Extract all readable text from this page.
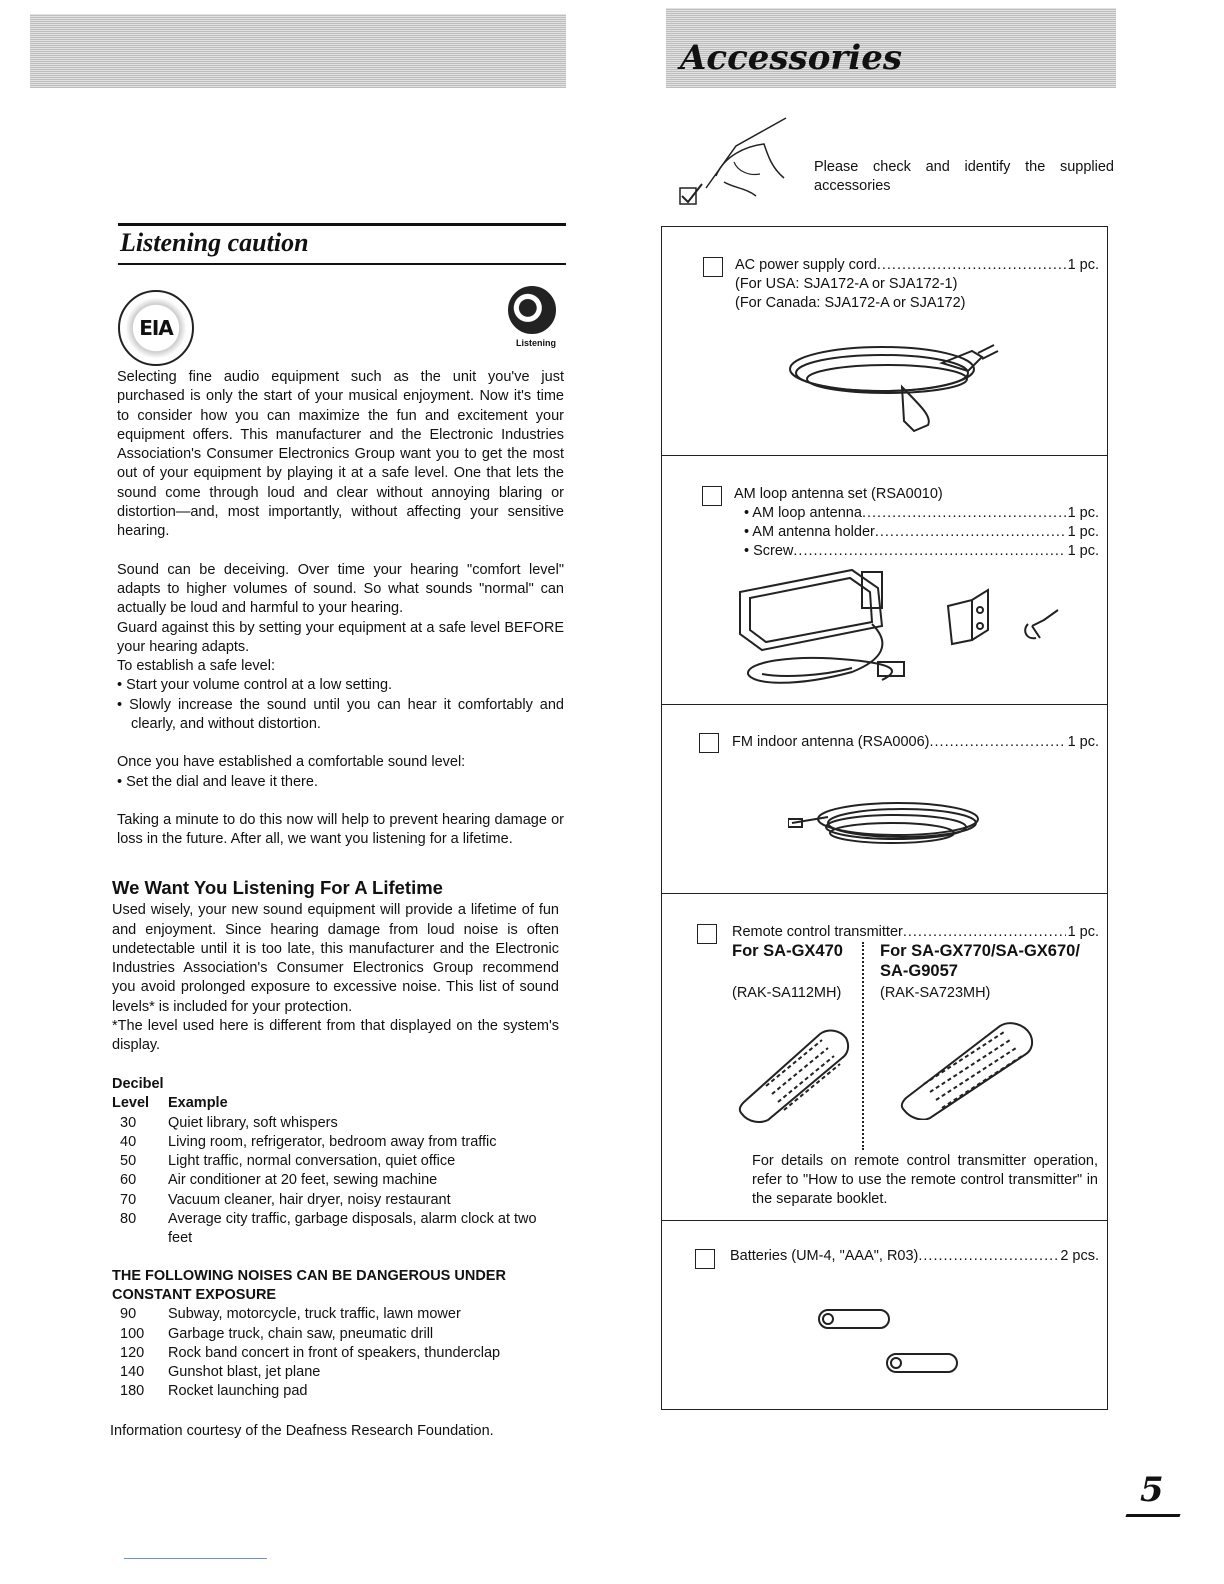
Accessories
Please check and identify the supplied accessories
Listening caution
EIA
Listening

Selecting fine audio equipment such as the unit you've just purchased is only the start of your musical enjoyment. Now it's time to consider how you can maximize the fun and excitement your equipment offers. This manufacturer and the Electronic Industries Association's Consumer Electronics Group want you to get the most out of your equipment by playing it at a safe level. One that lets the sound come through loud and clear without annoying blaring or distortion—and, most importantly, without affecting your sensitive hearing.

Sound can be deceiving. Over time your hearing "comfort level" adapts to higher volumes of sound. So what sounds "normal" can actually be loud and harmful to your hearing.
Guard against this by setting your equipment at a safe level BEFORE your hearing adapts.
To establish a safe level:
• Start your volume control at a low setting.
• Slowly increase the sound until you can hear it comfortably and clearly, and without distortion.
Once you have established a comfortable sound level:
• Set the dial and leave it there.

Taking a minute to do this now will help to prevent hearing damage or loss in the future. After all, we want you listening for a lifetime.

We Want You Listening For A Lifetime
Used wisely, your new sound equipment will provide a lifetime of fun and enjoyment. Since hearing damage from loud noise is often undetectable until it is too late, this manufacturer and the Electronic Industries Association's Consumer Electronics Group recommend you avoid prolonged exposure to excessive noise. This list of sound levels* is included for your protection.
*The level used here is different from that displayed on the system's display.
Decibel
Level	Example
30	Quiet library, soft whispers
40	Living room, refrigerator, bedroom away from traffic
50	Light traffic, normal conversation, quiet office
60	Air conditioner at 20 feet, sewing machine
70	Vacuum cleaner, hair dryer, noisy restaurant
80	Average city traffic, garbage disposals, alarm clock at two feet
THE FOLLOWING NOISES CAN BE DANGEROUS UNDER CONSTANT EXPOSURE
90	Subway, motorcycle, truck traffic, lawn mower
100	Garbage truck, chain saw, pneumatic drill
120	Rock band concert in front of speakers, thunderclap
140	Gunshot blast, jet plane
180	Rocket launching pad
Information courtesy of the Deafness Research Foundation.
AC power supply cord .....	1 pc.
(For USA: SJA172-A or SJA172-1)
(For Canada: SJA172-A or SJA172)
AM loop antenna set (RSA0010)
• AM loop antenna .....	1 pc.
• AM antenna holder .....	1 pc.
• Screw .....	1 pc.
FM indoor antenna (RSA0006) .....	1 pc.
Remote control transmitter .....	1 pc.
For SA-GX470
(RAK-SA112MH)
For SA-GX770/SA-GX670/
SA-G9057
(RAK-SA723MH)
For details on remote control transmitter operation, refer to "How to use the remote control transmitter" in the separate booklet.
Batteries (UM-4, "AAA", R03) .....	2 pcs.
5
